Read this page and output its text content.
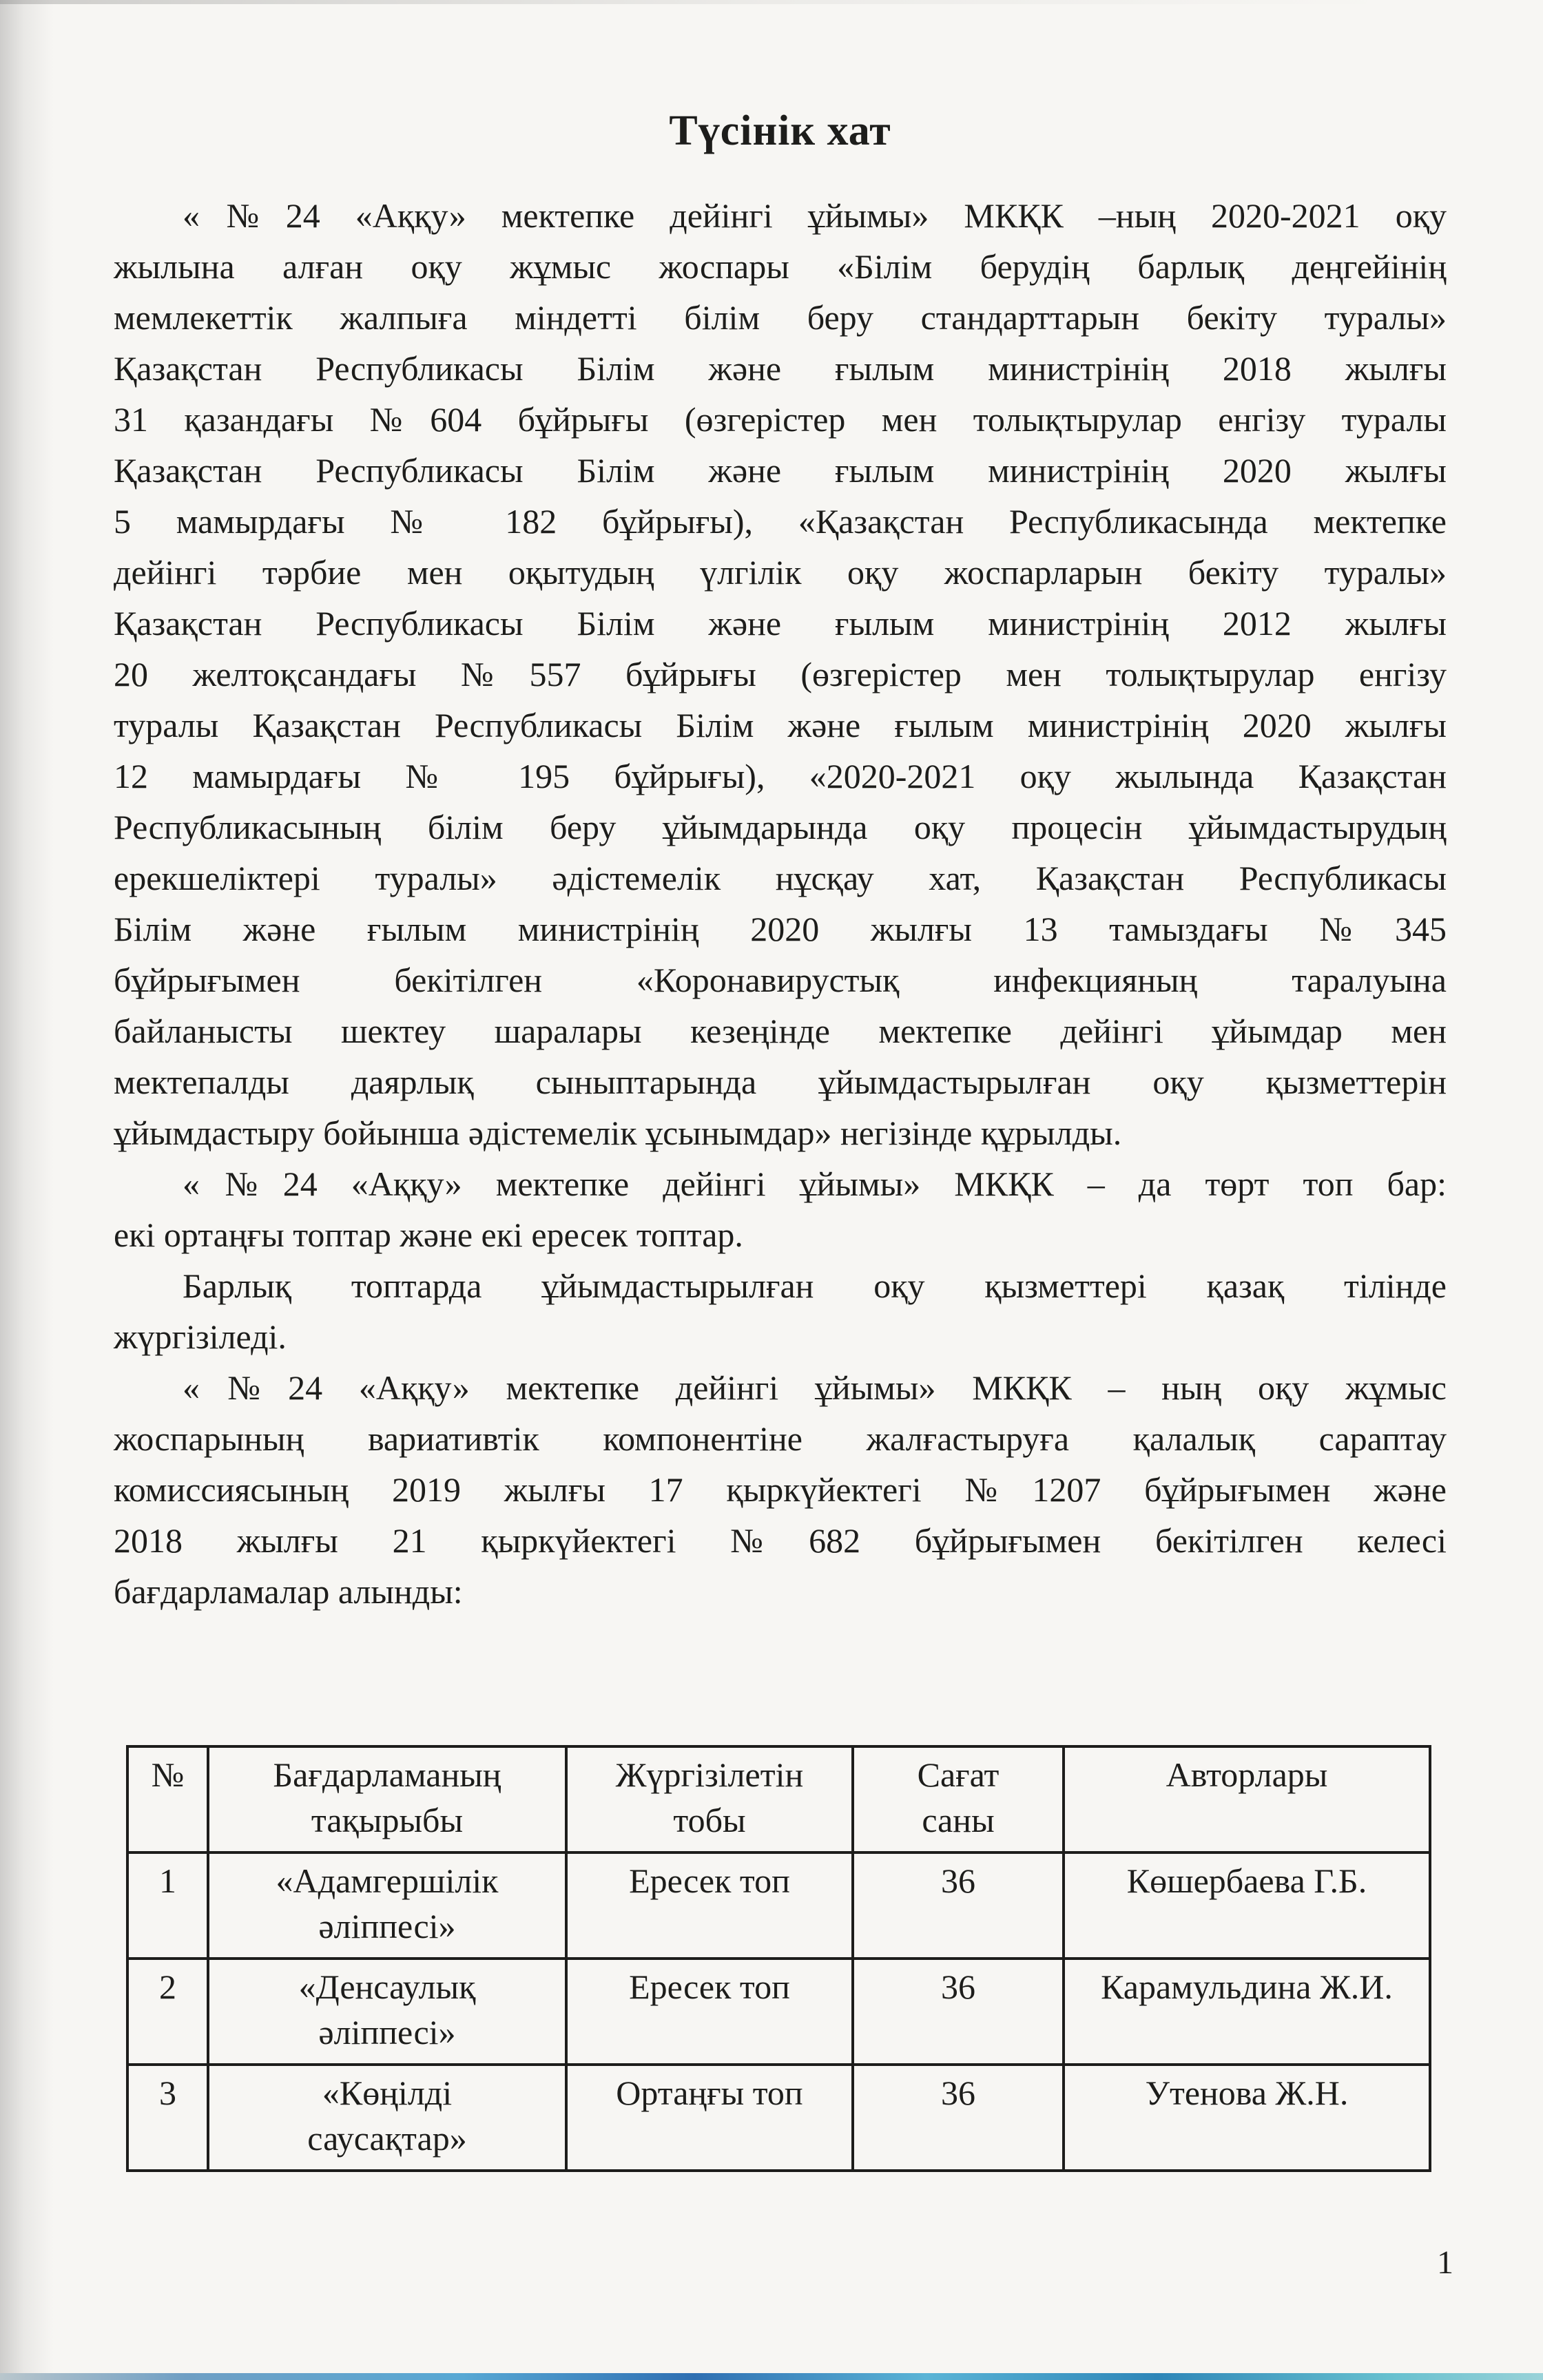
Түсінік хат
«№24 «Аққу» мектепке дейінгі ұйымы» МКҚК –ның 2020-2021 оқу
жылына алған оқу жұмыс жоспары «Білім берудің барлық деңгейінің
мемлекеттік жалпыға міндетті білім беру стандарттарын бекіту туралы»
Қазақстан Республикасы Білім және ғылым министрінің 2018 жылғы
31 қазандағы №604 бұйрығы (өзгерістер мен толықтырулар енгізу туралы
Қазақстан Республикасы Білім және ғылым министрінің 2020 жылғы
5 мамырдағы № 182 бұйрығы), «Қазақстан Республикасында мектепке
дейінгі тәрбие мен оқытудың үлгілік оқу жоспарларын бекіту туралы»
Қазақстан Республикасы Білім және ғылым министрінің 2012 жылғы
20 желтоқсандағы №557 бұйрығы (өзгерістер мен толықтырулар енгізу
туралы Қазақстан Республикасы Білім және ғылым министрінің 2020 жылғы
12 мамырдағы № 195 бұйрығы), «2020-2021 оқу жылында Қазақстан
Республикасының білім беру ұйымдарында оқу процесін ұйымдастырудың
ерекшеліктері туралы» әдістемелік нұсқау хат, Қазақстан Республикасы
Білім және ғылым министрінің 2020 жылғы 13 тамыздағы №345
бұйрығымен бекітілген «Коронавирустық инфекцияның таралуына
байланысты шектеу шаралары кезеңінде мектепке дейінгі ұйымдар мен
мектепалды даярлық сыныптарында ұйымдастырылған оқу қызметтерін
ұйымдастыру бойынша әдістемелік ұсынымдар» негізінде құрылды.
«№24 «Аққу» мектепке дейінгі ұйымы» МКҚК – да төрт топ бар:
екі ортаңғы топтар және екі ересек топтар.
Барлық топтарда ұйымдастырылған оқу қызметтері қазақ тілінде
жүргізіледі.
«№24 «Аққу» мектепке дейінгі ұйымы» МКҚК – ның оқу жұмыс
жоспарының вариативтік компонентіне жалғастыруға қалалық сараптау
комиссиясының 2019 жылғы 17 қыркүйектегі №1207 бұйрығымен және
2018 жылғы 21 қыркүйектегі №682 бұйрығымен бекітілген келесі
бағдарламалар алынды:
№	Бағдарламаның тақырыбы	Жүргізілетін тобы	Сағат саны	Авторлары
1	«Адамгершілік әліппесі»	Ересек топ	36	Көшербаева Г.Б.
2	«Денсаулық әліппесі»	Ересек топ	36	Карамульдина Ж.И.
3	«Көңілді саусақтар»	Ортаңғы топ	36	Утенова Ж.Н.
1
